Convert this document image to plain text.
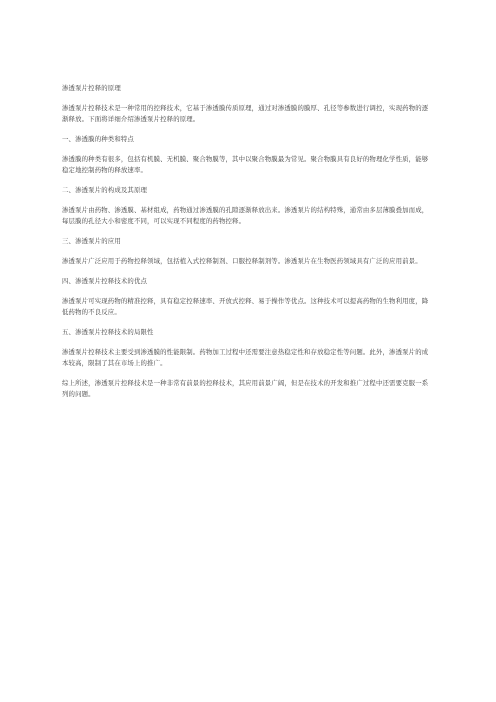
渗透泵片控释的原理

渗透泵片控释技术是一种常用的控释技术，它基于渗透膜传质原理，通过对渗透膜的膜厚、孔径等参数进行调控，实现药物的逐渐释放。下面将详细介绍渗透泵片控释的原理。

一、渗透膜的种类和特点

渗透膜的种类有很多，包括有机膜、无机膜、聚合物膜等，其中以聚合物膜最为常见。聚合物膜具有良好的物理化学性质，能够稳定地控制药物的释放速率。

二、渗透泵片的构成及其原理

渗透泵片由药物、渗透膜、基材组成，药物通过渗透膜的孔隙逐渐释放出来。渗透泵片的结构特殊，通常由多层薄膜叠加而成，每层膜的孔径大小和密度不同，可以实现不同程度的药物控释。

三、渗透泵片的应用

渗透泵片广泛应用于药物控释领域，包括植入式控释制剂、口服控释制剂等。渗透泵片在生物医药领域具有广泛的应用前景。

四、渗透泵片控释技术的优点

渗透泵片可实现药物的精准控释，具有稳定控释速率、开放式控释、易于操作等优点。这种技术可以提高药物的生物利用度，降低药物的不良反应。

五、渗透泵片控释技术的局限性

渗透泵片控释技术主要受到渗透膜的性能限制。药物加工过程中还需要注意热稳定性和存放稳定性等问题。此外，渗透泵片的成本较高，限制了其在市场上的推广。

综上所述，渗透泵片控释技术是一种非常有前景的控释技术，其应用前景广阔，但是在技术的开发和推广过程中还需要克服一系列的问题。
